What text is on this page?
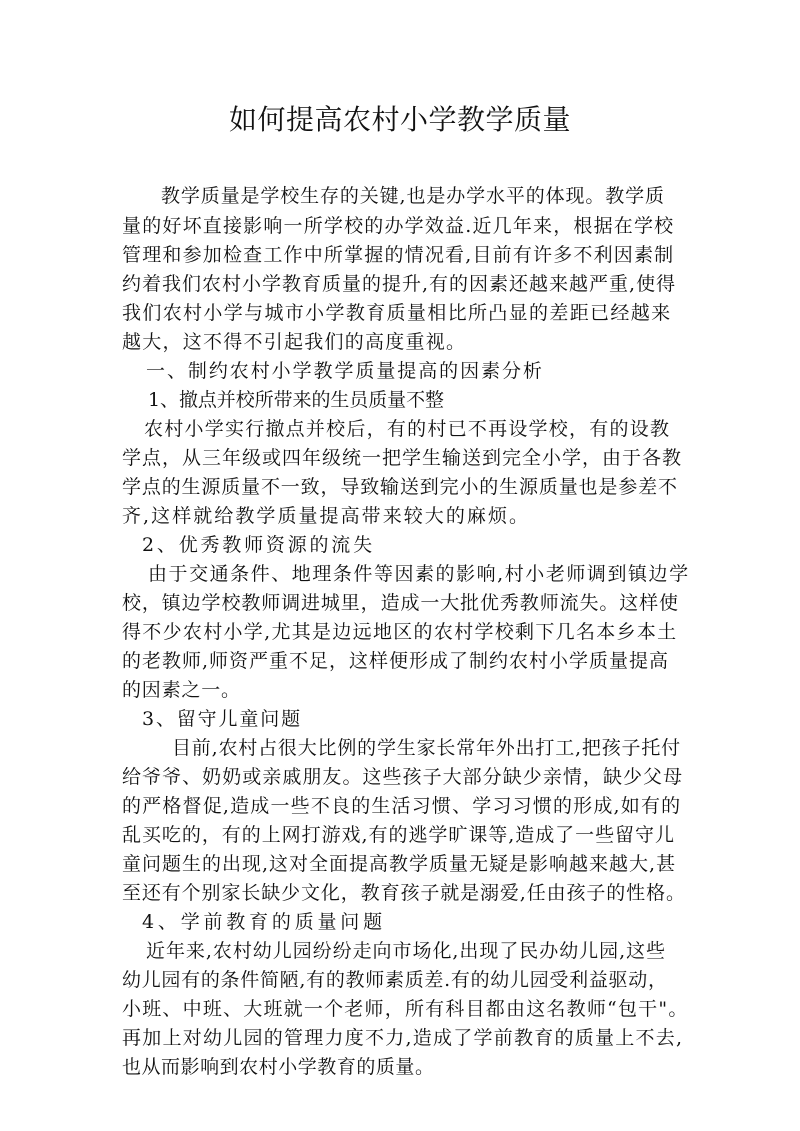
如何提高农村小学教学质量
教学质量是学校生存的关键,也是办学水平的体现。教学质
量的好坏直接影响一所学校的办学效益.近几年来，根据在学校
管理和参加检查工作中所掌握的情况看,目前有许多不利因素制
约着我们农村小学教育质量的提升,有的因素还越来越严重,使得
我们农村小学与城市小学教育质量相比所凸显的差距已经越来
越大，这不得不引起我们的高度重视。
一、制约农村小学教学质量提高的因素分析
1、撤点并校所带来的生员质量不整
农村小学实行撤点并校后，有的村已不再设学校，有的设教
学点，从三年级或四年级统一把学生输送到完全小学，由于各教
学点的生源质量不一致，导致输送到完小的生源质量也是参差不
齐,这样就给教学质量提高带来较大的麻烦。
2、优秀教师资源的流失
由于交通条件、地理条件等因素的影响,村小老师调到镇边学
校，镇边学校教师调进城里，造成一大批优秀教师流失。这样使
得不少农村小学,尤其是边远地区的农村学校剩下几名本乡本土
的老教师,师资严重不足，这样便形成了制约农村小学质量提高
的因素之一。
3、留守儿童问题
目前,农村占很大比例的学生家长常年外出打工,把孩子托付
给爷爷、奶奶或亲戚朋友。这些孩子大部分缺少亲情，缺少父母
的严格督促,造成一些不良的生活习惯、学习习惯的形成,如有的
乱买吃的，有的上网打游戏,有的逃学旷课等,造成了一些留守儿
童问题生的出现,这对全面提高教学质量无疑是影响越来越大,甚
至还有个别家长缺少文化，教育孩子就是溺爱,任由孩子的性格。
4、学前教育的质量问题
近年来,农村幼儿园纷纷走向市场化,出现了民办幼儿园,这些
幼儿园有的条件简陋,有的教师素质差.有的幼儿园受利益驱动，
小班、中班、大班就一个老师，所有科目都由这名教师“包干"。
再加上对幼儿园的管理力度不力,造成了学前教育的质量上不去,
也从而影响到农村小学教育的质量。
